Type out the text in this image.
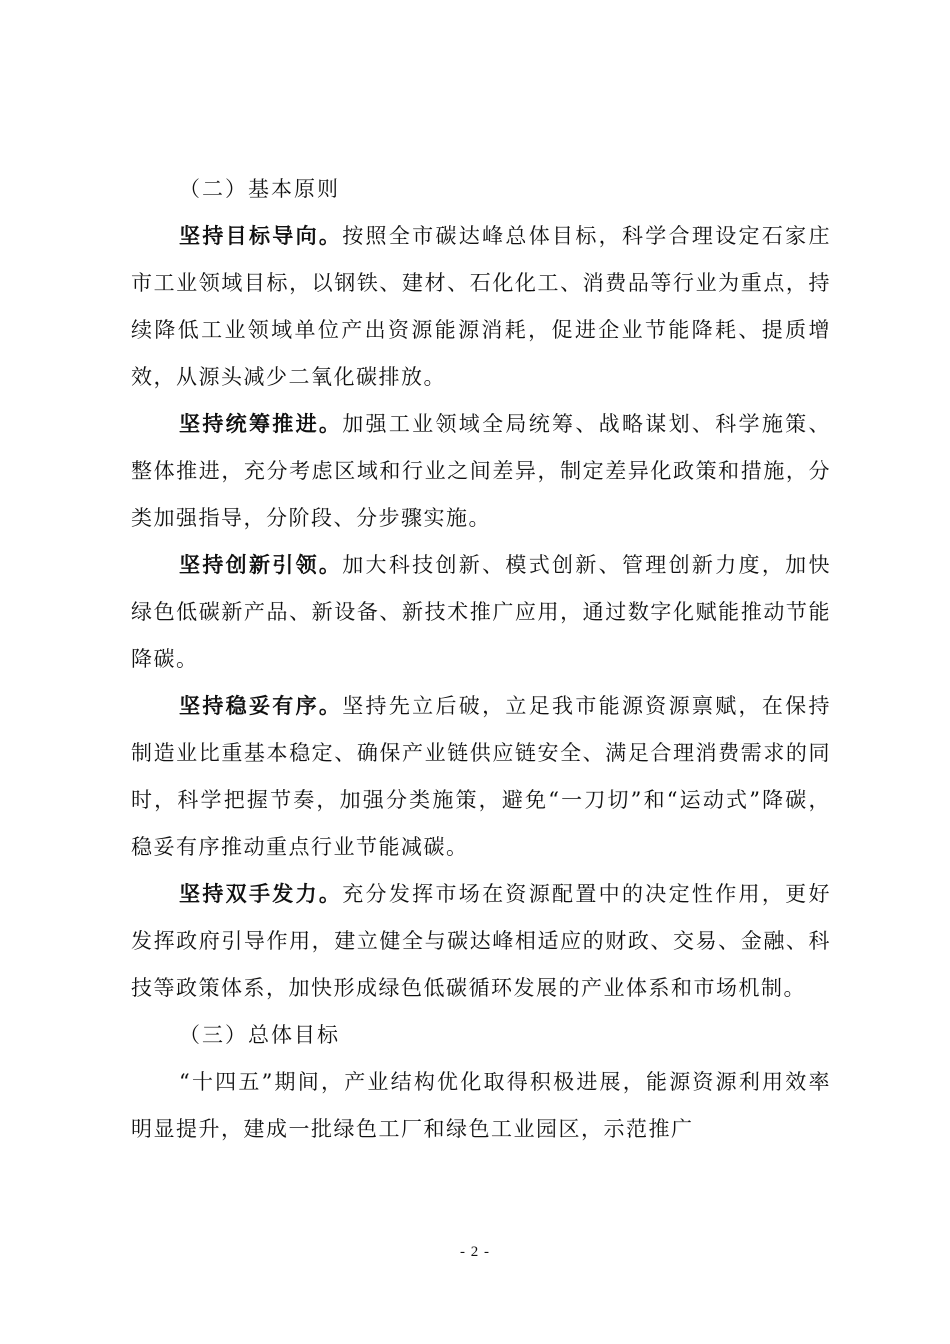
（二）基本原则

坚持目标导向。按照全市碳达峰总体目标，科学合理设定石家庄市工业领域目标，以钢铁、建材、石化化工、消费品等行业为重点，持续降低工业领域单位产出资源能源消耗，促进企业节能降耗、提质增效，从源头减少二氧化碳排放。

坚持统筹推进。加强工业领域全局统筹、战略谋划、科学施策、整体推进，充分考虑区域和行业之间差异，制定差异化政策和措施，分类加强指导，分阶段、分步骤实施。

坚持创新引领。加大科技创新、模式创新、管理创新力度，加快绿色低碳新产品、新设备、新技术推广应用，通过数字化赋能推动节能降碳。

坚持稳妥有序。坚持先立后破，立足我市能源资源禀赋，在保持制造业比重基本稳定、确保产业链供应链安全、满足合理消费需求的同时，科学把握节奏，加强分类施策，避免“一刀切”和“运动式”降碳，稳妥有序推动重点行业节能减碳。

坚持双手发力。充分发挥市场在资源配置中的决定性作用，更好发挥政府引导作用，建立健全与碳达峰相适应的财政、交易、金融、科技等政策体系，加快形成绿色低碳循环发展的产业体系和市场机制。

（三）总体目标

“十四五”期间，产业结构优化取得积极进展，能源资源利用效率明显提升，建成一批绿色工厂和绿色工业园区，示范推广

- 2 -
